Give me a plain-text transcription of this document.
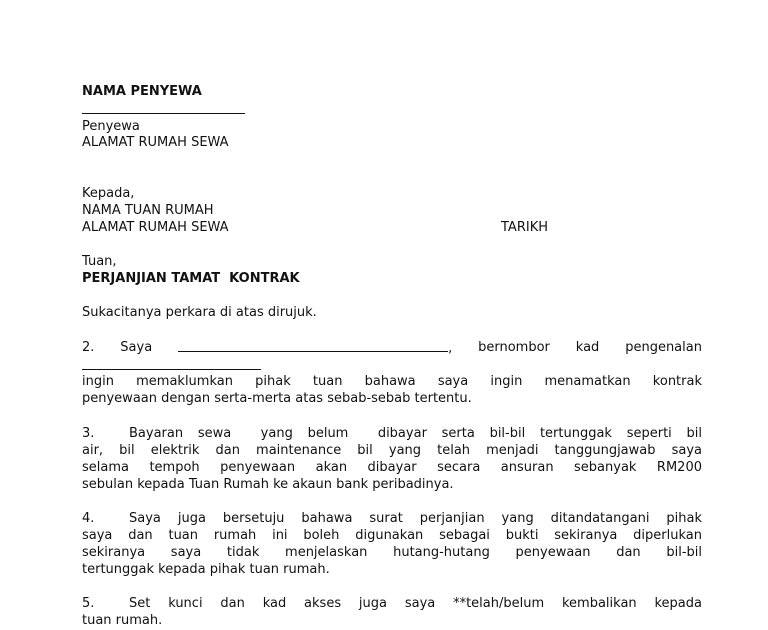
NAMA PENYEWA
Penyewa
ALAMAT RUMAH SEWA
Kepada,
NAMA TUAN RUMAH
ALAMAT RUMAH SEWA	TARIKH
Tuan,
PERJANJIAN TAMAT  KONTRAK
Sukacitanya perkara di atas dirujuk.
2. Saya	, bernombor kad pengenalan
ingin memaklumkan pihak tuan bahawa saya ingin menamatkan kontrak
penyewaan dengan serta-merta atas sebab-sebab tertentu.
3.	Bayaran sewa  yang belum  dibayar serta bil-bil tertunggak seperti bil
air, bil elektrik dan maintenance bil yang telah menjadi tanggungjawab saya
selama tempoh penyewaan akan dibayar secara ansuran sebanyak RM200
sebulan kepada Tuan Rumah ke akaun bank peribadinya.
4.	Saya juga bersetuju bahawa surat perjanjian yang ditandatangani pihak
saya dan tuan rumah ini boleh digunakan sebagai bukti sekiranya diperlukan
sekiranya saya tidak menjelaskan hutang-hutang penyewaan dan bil-bil
tertunggak kepada pihak tuan rumah.
5.	Set kunci dan kad akses juga saya **telah/belum kembalikan kepada
tuan rumah.
